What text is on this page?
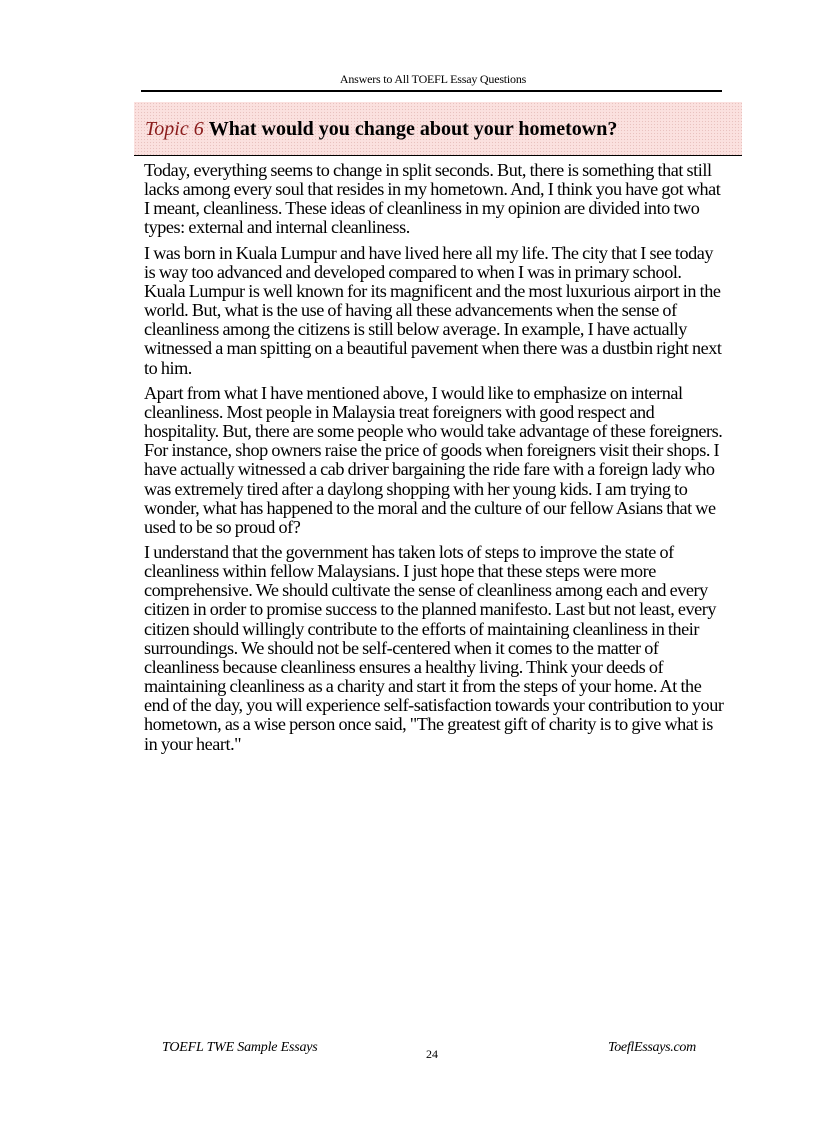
Answers to All TOEFL Essay Questions
Topic 6 What would you change about your hometown?

Today, everything seems to change in split seconds. But, there is something that still lacks among every soul that resides in my hometown. And, I think you have got what I meant, cleanliness. These ideas of cleanliness in my opinion are divided into two types: external and internal cleanliness.

I was born in Kuala Lumpur and have lived here all my life. The city that I see today is way too advanced and developed compared to when I was in primary school. Kuala Lumpur is well known for its magnificent and the most luxurious airport in the world. But, what is the use of having all these advancements when the sense of cleanliness among the citizens is still below average. In example, I have actually witnessed a man spitting on a beautiful pavement when there was a dustbin right next to him.

Apart from what I have mentioned above, I would like to emphasize on internal cleanliness. Most people in Malaysia treat foreigners with good respect and hospitality. But, there are some people who would take advantage of these foreigners. For instance, shop owners raise the price of goods when foreigners visit their shops. I have actually witnessed a cab driver bargaining the ride fare with a foreign lady who was extremely tired after a daylong shopping with her young kids. I am trying to wonder, what has happened to the moral and the culture of our fellow Asians that we used to be so proud of?

I understand that the government has taken lots of steps to improve the state of cleanliness within fellow Malaysians. I just hope that these steps were more comprehensive. We should cultivate the sense of cleanliness among each and every citizen in order to promise success to the planned manifesto. Last but not least, every citizen should willingly contribute to the efforts of maintaining cleanliness in their surroundings. We should not be self-centered when it comes to the matter of cleanliness because cleanliness ensures a healthy living. Think your deeds of maintaining cleanliness as a charity and start it from the steps of your home. At the end of the day, you will experience self-satisfaction towards your contribution to your hometown, as a wise person once said, "The greatest gift of charity is to give what is in your heart."

TOEFL TWE Sample Essays	24	ToeflEssays.com
